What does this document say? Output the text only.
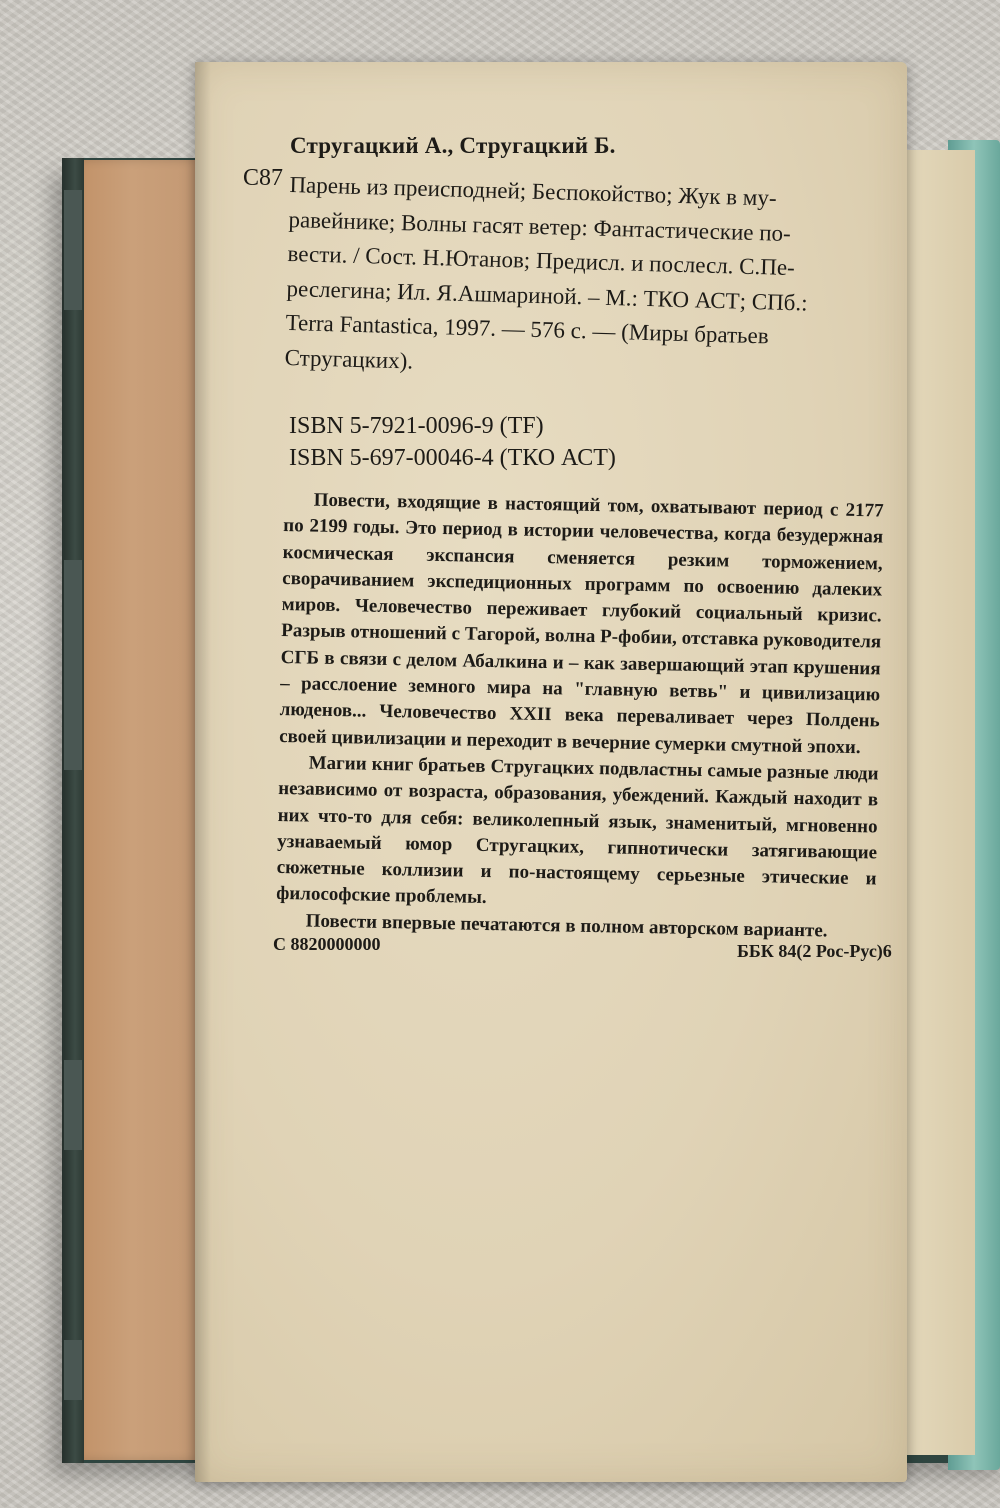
Стругацкий А., Стругацкий Б.
С87 Парень из преисподней; Беспокойство; Жук в му-
равейнике; Волны гасят ветер: Фантастические по-
вести. / Сост. Н.Ютанов; Предисл. и послесл. С.Пе-
реслегина; Ил. Я.Ашмариной. – М.: ТКО АСТ; СПб.:
Terra Fantastica, 1997. — 576 с. — (Миры братьев
Стругацких).
ISBN 5-7921-0096-9 (TF)
ISBN 5-697-00046-4 (ТКО АСТ)

Повести, входящие в настоящий том, охватывают период с 2177 по 2199 годы. Это период в истории человечества, когда безудержная космическая экспансия сменяется резким торможением, сворачиванием экспедиционных программ по освоению далеких миров. Человечество переживает глубокий социальный кризис. Разрыв отношений с Тагорой, волна Р-фобии, отставка руководителя СГБ в связи с делом Абалкина и – как завершающий этап крушения – расслоение земного мира на "главную ветвь" и цивилизацию люденов... Человечество XXII века переваливает через Полдень своей цивилизации и переходит в вечерние сумерки смутной эпохи.

Магии книг братьев Стругацких подвластны самые разные люди независимо от возраста, образования, убеждений. Каждый находит в них что-то для себя: великолепный язык, знаменитый, мгновенно узнаваемый юмор Стругацких, гипнотически затягивающие сюжетные коллизии и по-настоящему серьезные этические и философские проблемы.

Повести впервые печатаются в полном авторском варианте.

С 8820000000	ББК 84(2 Рос-Рус)6
